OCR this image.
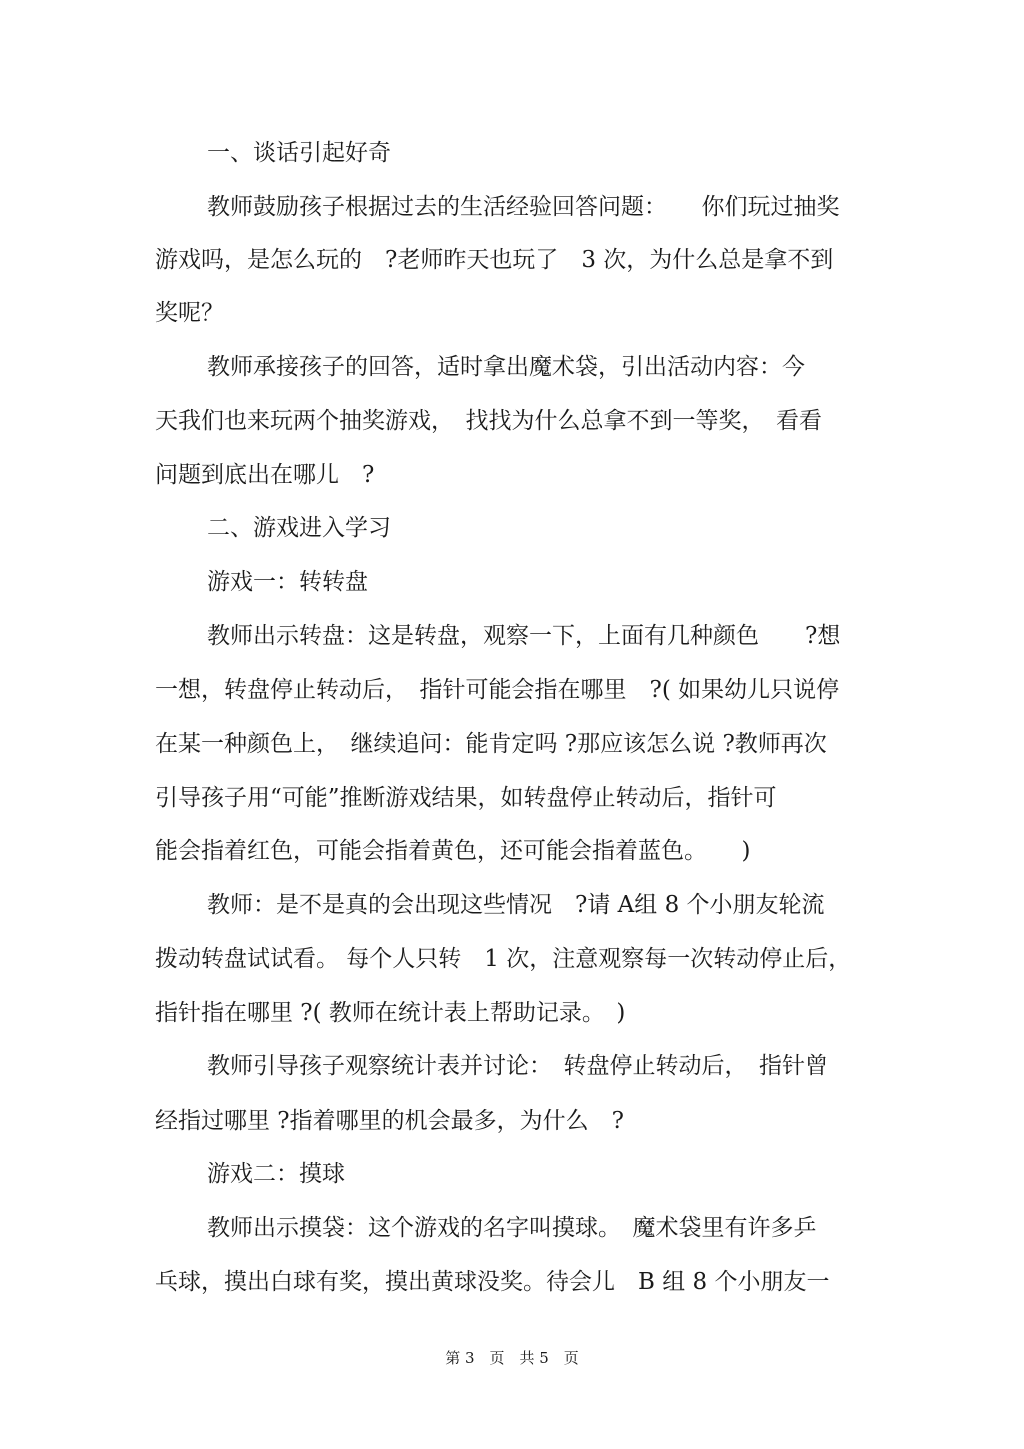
一、谈话引起好奇
教师鼓励孩子根据过去的生活经验回答问题：　　你们玩过抽奖
游戏吗，是怎么玩的　?老师昨天也玩了　3 次，为什么总是拿不到
奖呢？
教师承接孩子的回答，适时拿出魔术袋，引出活动内容：今
天我们也来玩两个抽奖游戏，　找找为什么总拿不到一等奖，　看看
问题到底出在哪儿　?
二、游戏进入学习
游戏一：转转盘
教师出示转盘：这是转盘，观察一下，上面有几种颜色　　?想
一想，转盘停止转动后，　指针可能会指在哪里　?( 如果幼儿只说停
在某一种颜色上，　继续追问：能肯定吗 ?那应该怎么说 ?教师再次
引导孩子用“可能”推断游戏结果，如转盘停止转动后，指针可
能会指着红色，可能会指着黄色，还可能会指着蓝色。　　)
教师：是不是真的会出现这些情况　?请 A组 8 个小朋友轮流
拨动转盘试试看。 每个人只转　1 次，注意观察每一次转动停止后，
指针指在哪里 ?( 教师在统计表上帮助记录。　)
教师引导孩子观察统计表并讨论：　转盘停止转动后，　指针曾
经指过哪里 ?指着哪里的机会最多，为什么　?
游戏二：摸球
教师出示摸袋：这个游戏的名字叫摸球。　魔术袋里有许多乒
乓球，摸出白球有奖，摸出黄球没奖。待会儿　B 组 8 个小朋友一
第 3　页　共 5　页
